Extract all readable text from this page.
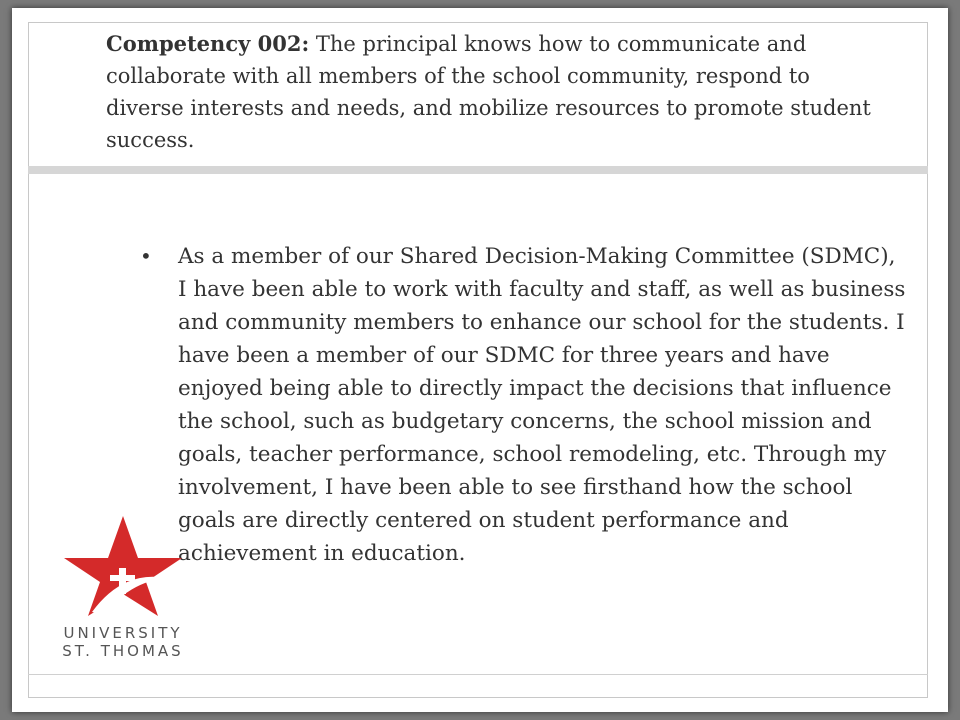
Competency 002: The principal knows how to communicate and collaborate with all members of the school community, respond to diverse interests and needs, and mobilize resources to promote student success.
• As a member of our Shared Decision-Making Committee (SDMC), I have been able to work with faculty and staff, as well as business and community members to enhance our school for the students. I have been a member of our SDMC for three years and have enjoyed being able to directly impact the decisions that influence the school, such as budgetary concerns, the school mission and goals, teacher performance, school remodeling, etc. Through my involvement, I have been able to see firsthand how the school goals are directly centered on student performance and achievement in education.
UNIVERSITY
ST. THOMAS
